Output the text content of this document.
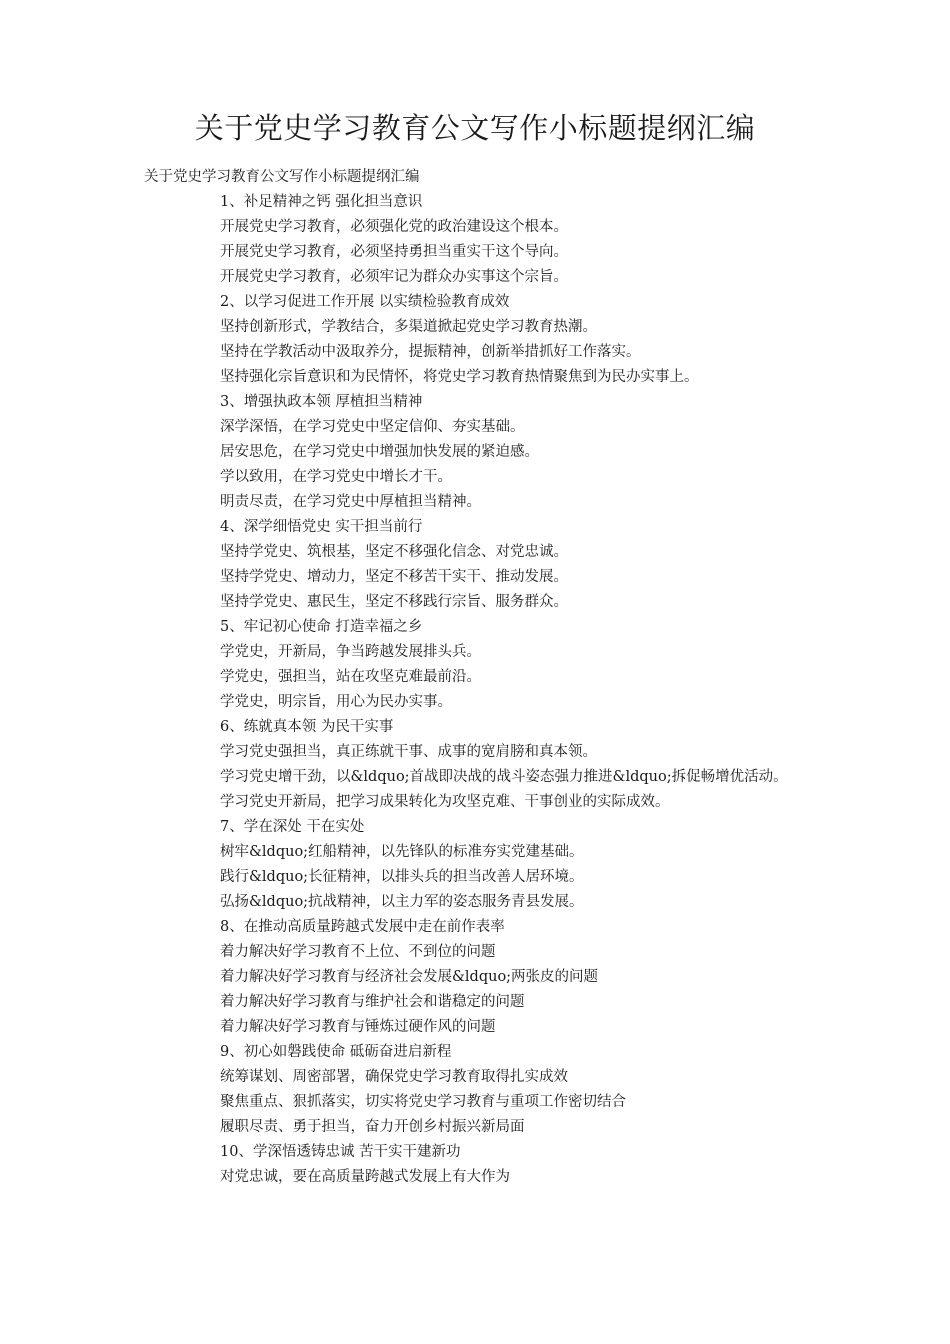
关于党史学习教育公文写作小标题提纲汇编

关于党史学习教育公文写作小标题提纲汇编

1、补足精神之钙 强化担当意识

开展党史学习教育，必须强化党的政治建设这个根本。

开展党史学习教育，必须坚持勇担当重实干这个导向。

开展党史学习教育，必须牢记为群众办实事这个宗旨。

2、以学习促进工作开展 以实绩检验教育成效

坚持创新形式，学教结合，多渠道掀起党史学习教育热潮。

坚持在学教活动中汲取养分，提振精神，创新举措抓好工作落实。

坚持强化宗旨意识和为民情怀，将党史学习教育热情聚焦到为民办实事上。

3、增强执政本领 厚植担当精神

深学深悟，在学习党史中坚定信仰、夯实基础。

居安思危，在学习党史中增强加快发展的紧迫感。

学以致用，在学习党史中增长才干。

明责尽责，在学习党史中厚植担当精神。

4、深学细悟党史 实干担当前行

坚持学党史、筑根基，坚定不移强化信念、对党忠诚。

坚持学党史、增动力，坚定不移苦干实干、推动发展。

坚持学党史、惠民生，坚定不移践行宗旨、服务群众。

5、牢记初心使命 打造幸福之乡

学党史，开新局，争当跨越发展排头兵。

学党史，强担当，站在攻坚克难最前沿。

学党史，明宗旨，用心为民办实事。

6、练就真本领 为民干实事

学习党史强担当，真正练就干事、成事的宽肩膀和真本领。

学习党史增干劲，以&ldquo;首战即决战的战斗姿态强力推进&ldquo;拆促畅增优活动。

学习党史开新局，把学习成果转化为攻坚克难、干事创业的实际成效。

7、学在深处 干在实处

树牢&ldquo;红船精神，以先锋队的标准夯实党建基础。

践行&ldquo;长征精神，以排头兵的担当改善人居环境。

弘扬&ldquo;抗战精神，以主力军的姿态服务青县发展。

8、在推动高质量跨越式发展中走在前作表率

着力解决好学习教育不上位、不到位的问题

着力解决好学习教育与经济社会发展&ldquo;两张皮的问题

着力解决好学习教育与维护社会和谐稳定的问题

着力解决好学习教育与锤炼过硬作风的问题

9、初心如磐践使命 砥砺奋进启新程

统筹谋划、周密部署，确保党史学习教育取得扎实成效

聚焦重点、狠抓落实，切实将党史学习教育与重项工作密切结合

履职尽责、勇于担当，奋力开创乡村振兴新局面

10、学深悟透铸忠诚 苦干实干建新功

对党忠诚，要在高质量跨越式发展上有大作为
